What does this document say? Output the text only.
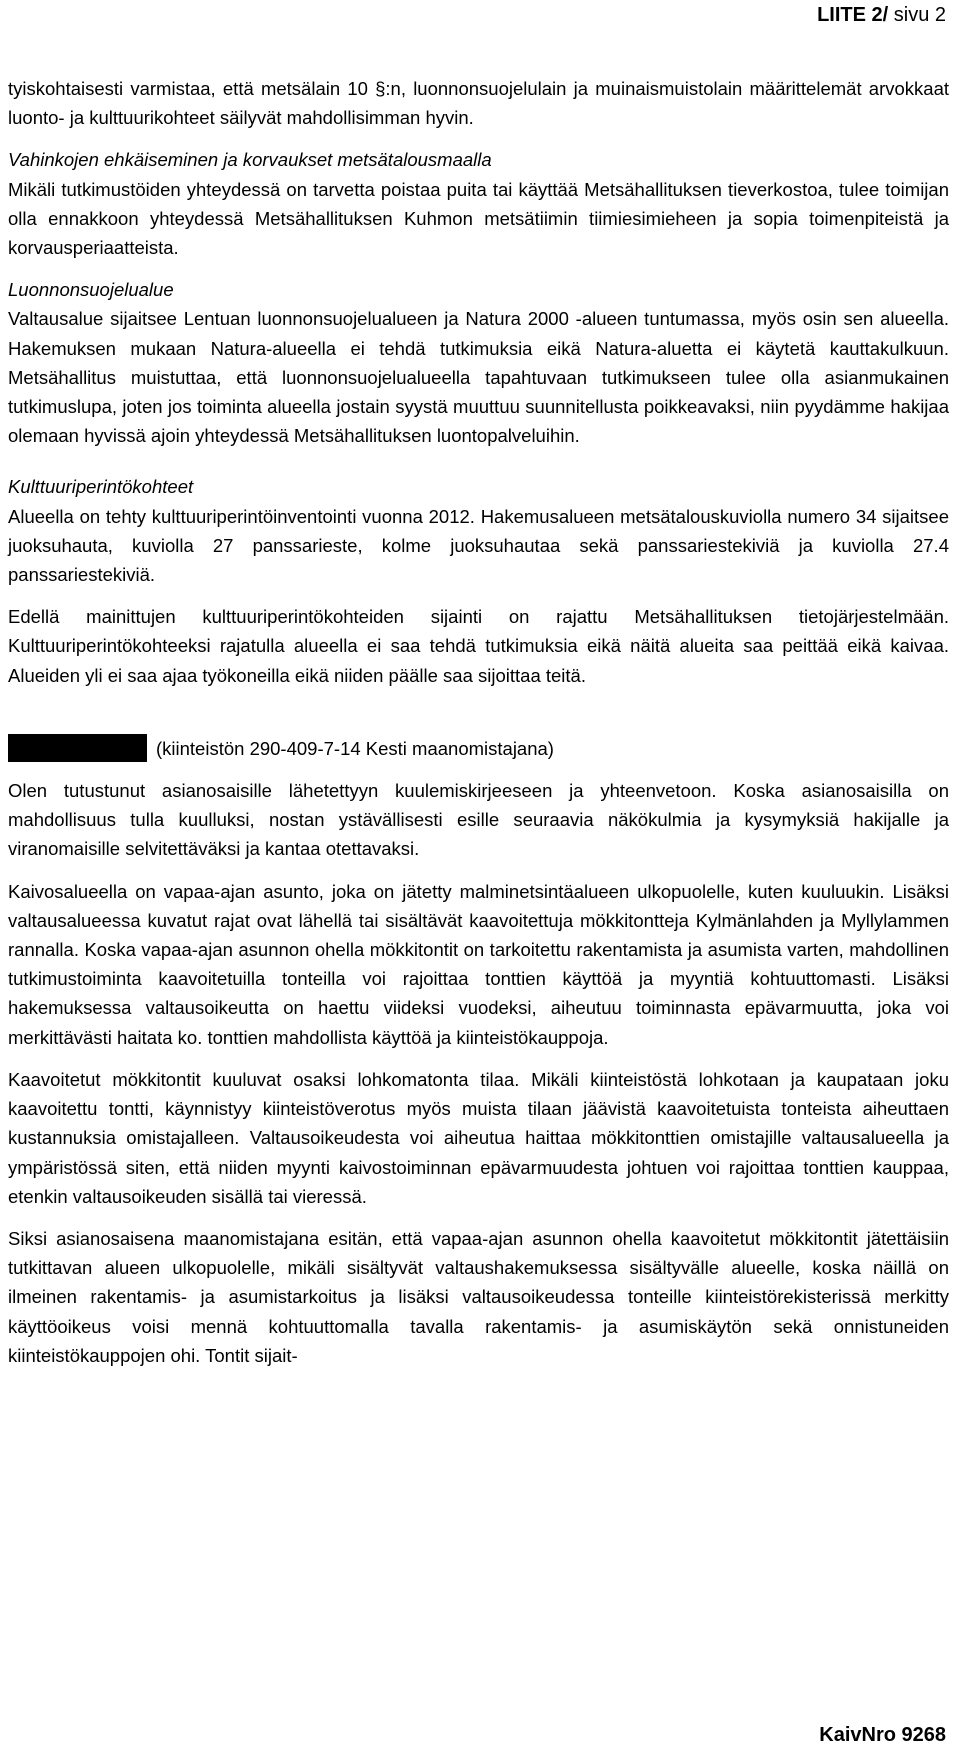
LIITE 2/ sivu 2

tyiskohtaisesti varmistaa, että metsälain 10 §:n, luonnonsuojelulain ja muinaismuistolain määrittelemät arvokkaat luonto- ja kulttuurikohteet säilyvät mahdollisimman hyvin.

Vahinkojen ehkäiseminen ja korvaukset metsätalousmaalla

Mikäli tutkimustöiden yhteydessä on tarvetta poistaa puita tai käyttää Metsähallituksen tieverkostoa, tulee toimijan olla ennakkoon yhteydessä Metsähallituksen Kuhmon metsätiimin tiimiesimieheen ja sopia toimenpiteistä ja korvausperiaatteista.

Luonnonsuojelualue

Valtausalue sijaitsee Lentuan luonnonsuojelualueen ja Natura 2000 -alueen tuntumassa, myös osin sen alueella. Hakemuksen mukaan Natura-alueella ei tehdä tutkimuksia eikä Natura-aluetta ei käytetä kauttakulkuun. Metsähallitus muistuttaa, että luonnonsuojelualueella tapahtuvaan tutkimukseen tulee olla asianmukainen tutkimuslupa, joten jos toiminta alueella jostain syystä muuttuu suunnitellusta poikkeavaksi, niin pyydämme hakijaa olemaan hyvissä ajoin yhteydessä Metsähallituksen luontopalveluihin.

Kulttuuriperintökohteet

Alueella on tehty kulttuuriperintöinventointi vuonna 2012. Hakemusalueen metsätalouskuviolla numero 34 sijaitsee juoksuhauta, kuviolla 27 panssarieste, kolme juoksuhautaa sekä panssariestekiviä ja kuviolla 27.4 panssariestekiviä.

Edellä mainittujen kulttuuriperintökohteiden sijainti on rajattu Metsähallituksen tietojärjestelmään. Kulttuuriperintökohteeksi rajatulla alueella ei saa tehdä tutkimuksia eikä näitä alueita saa peittää eikä kaivaa. Alueiden yli ei saa ajaa työkoneilla eikä niiden päälle saa sijoittaa teitä.

(kiinteistön 290-409-7-14 Kesti maanomistajana)

Olen tutustunut asianosaisille lähetettyyn kuulemiskirjeeseen ja yhteenvetoon. Koska asianosaisilla on mahdollisuus tulla kuulluksi, nostan ystävällisesti esille seuraavia näkökulmia ja kysymyksiä hakijalle ja viranomaisille selvitettäväksi ja kantaa otettavaksi.

Kaivosalueella on vapaa-ajan asunto, joka on jätetty malminetsintäalueen ulkopuolelle, kuten kuuluukin. Lisäksi valtausalueessa kuvatut rajat ovat lähellä tai sisältävät kaavoitettuja mökkitontteja Kylmänlahden ja Myllylammen rannalla. Koska vapaa-ajan asunnon ohella mökkitontit on tarkoitettu rakentamista ja asumista varten, mahdollinen tutkimustoiminta kaavoitetuilla tonteilla voi rajoittaa tonttien käyttöä ja myyntiä kohtuuttomasti. Lisäksi hakemuksessa valtausoikeutta on haettu viideksi vuodeksi, aiheutuu toiminnasta epävarmuutta, joka voi merkittävästi haitata ko. tonttien mahdollista käyttöä ja kiinteistökauppoja.

Kaavoitetut mökkitontit kuuluvat osaksi lohkomatonta tilaa. Mikäli kiinteistöstä lohkotaan ja kaupataan joku kaavoitettu tontti, käynnistyy kiinteistöverotus myös muista tilaan jäävistä kaavoitetuista tonteista aiheuttaen kustannuksia omistajalleen. Valtausoikeudesta voi aiheutua haittaa mökkitonttien omistajille valtausalueella ja ympäristössä siten, että niiden myynti kaivostoiminnan epävarmuudesta johtuen voi rajoittaa tonttien kauppaa, etenkin valtausoikeuden sisällä tai vieressä.

Siksi asianosaisena maanomistajana esitän, että vapaa-ajan asunnon ohella kaavoitetut mökkitontit jätettäisiin tutkittavan alueen ulkopuolelle, mikäli sisältyvät valtaushakemuksessa sisältyvälle alueelle, koska näillä on ilmeinen rakentamis- ja asumistarkoitus ja lisäksi valtausoikeudessa tonteille kiinteistörekisterissä merkitty käyttöoikeus voisi mennä kohtuuttomalla tavalla rakentamis- ja asumiskäytön sekä onnistuneiden kiinteistökauppojen ohi. Tontit sijait-

KaivNro 9268
